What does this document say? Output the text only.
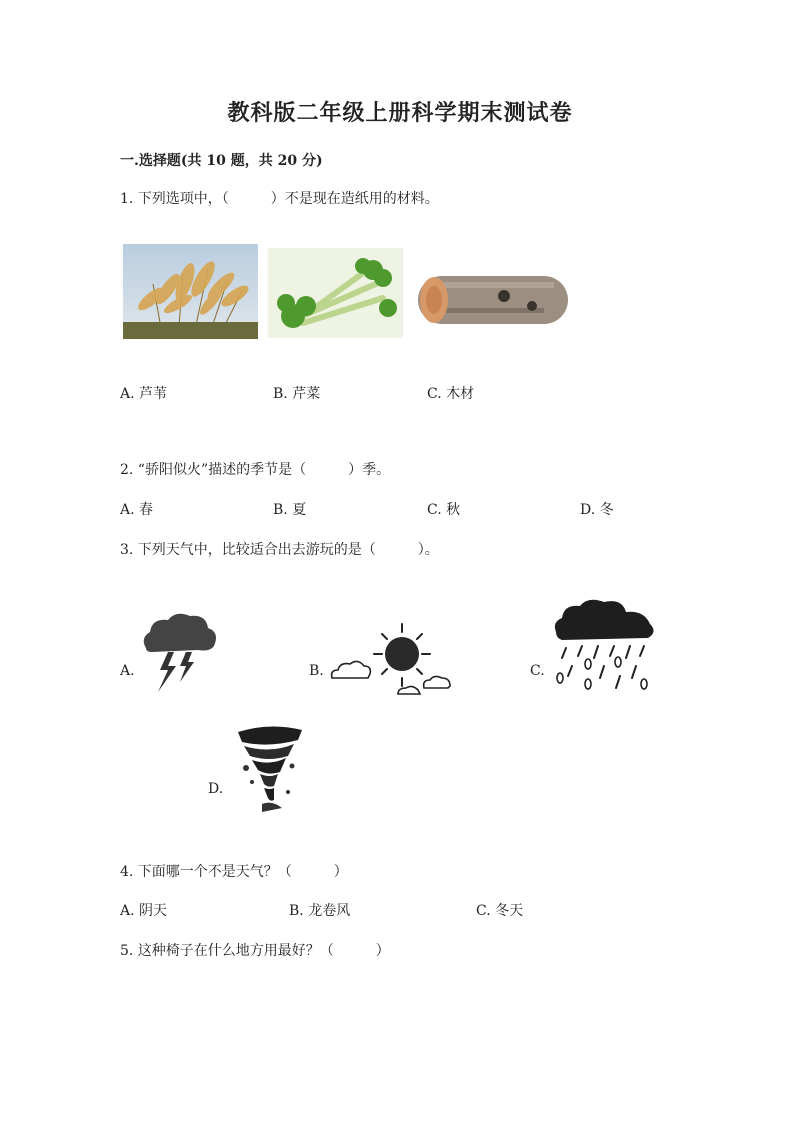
教科版二年级上册科学期末测试卷
一.选择题(共 10 题，共 20 分)
1. 下列选项中，（　　　）不是现在造纸用的材料。
A. 芦苇	B. 芹菜	C. 木材
2. “骄阳似火”描述的季节是（　　　）季。
A. 春	B. 夏	C. 秋	D. 冬
3. 下列天气中，比较适合出去游玩的是（　　　）。
A.	B.	C.
D.
4. 下面哪一个不是天气？（　　　）
A. 阴天	B. 龙卷风	C. 冬天
5. 这种椅子在什么地方用最好？（　　　）
